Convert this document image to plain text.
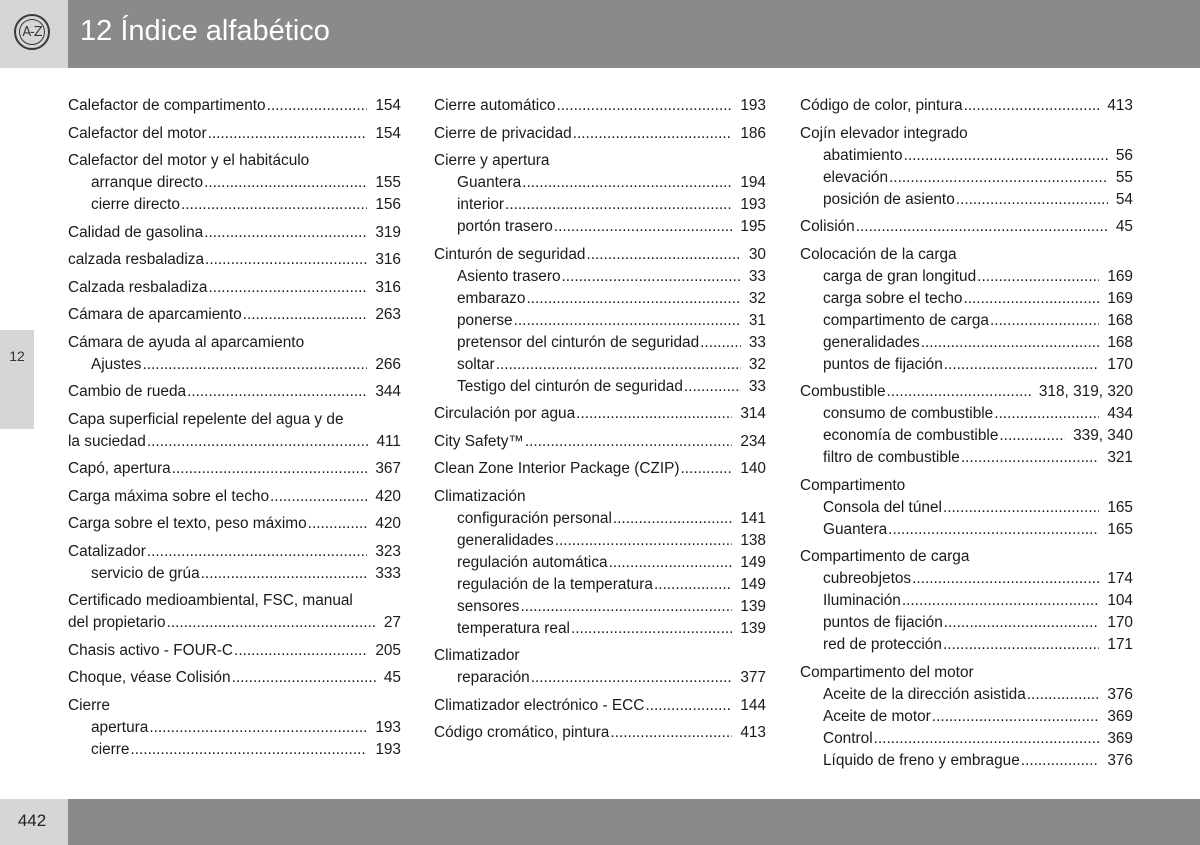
A-Z 12 Índice alfabético
12
Calefactor de compartimento .....	154
Calefactor del motor .....	154
Calefactor del motor y el habitáculo
arranque directo .....	155
cierre directo .....	156
Calidad de gasolina .....	319
calzada resbaladiza .....	316
Calzada resbaladiza .....	316
Cámara de aparcamiento .....	263
Cámara de ayuda al aparcamiento
Ajustes .....	266
Cambio de rueda .....	344
Capa superficial repelente del agua y de
la suciedad .....	411
Capó, apertura .....	367
Carga máxima sobre el techo .....	420
Carga sobre el texto, peso máximo .....	420
Catalizador .....	323
servicio de grúa .....	333
Certificado medioambiental, FSC, manual
del propietario .....	27
Chasis activo - FOUR-C .....	205
Choque, véase Colisión .....	45
Cierre
apertura .....	193
cierre .....	193
Cierre automático .....	193
Cierre de privacidad .....	186
Cierre y apertura
Guantera .....	194
interior .....	193
portón trasero .....	195
Cinturón de seguridad .....	30
Asiento trasero .....	33
embarazo .....	32
ponerse .....	31
pretensor del cinturón de seguridad .....	33
soltar .....	32
Testigo del cinturón de seguridad .....	33
Circulación por agua .....	314
City Safety™ .....	234
Clean Zone Interior Package (CZIP) .....	140
Climatización
configuración personal .....	141
generalidades .....	138
regulación automática .....	149
regulación de la temperatura .....	149
sensores .....	139
temperatura real .....	139
Climatizador
reparación .....	377
Climatizador electrónico - ECC .....	144
Código cromático, pintura .....	413
Código de color, pintura .....	413
Cojín elevador integrado
abatimiento .....	56
elevación .....	55
posición de asiento .....	54
Colisión .....	45
Colocación de la carga
carga de gran longitud .....	169
carga sobre el techo .....	169
compartimento de carga .....	168
generalidades .....	168
puntos de fijación .....	170
Combustible .....	318, 319, 320
consumo de combustible .....	434
economía de combustible .....	339, 340
filtro de combustible .....	321
Compartimento
Consola del túnel .....	165
Guantera .....	165
Compartimento de carga
cubreobjetos .....	174
Iluminación .....	104
puntos de fijación .....	170
red de protección .....	171
Compartimento del motor
Aceite de la dirección asistida .....	376
Aceite de motor .....	369
Control .....	369
Líquido de freno y embrague .....	376
442
